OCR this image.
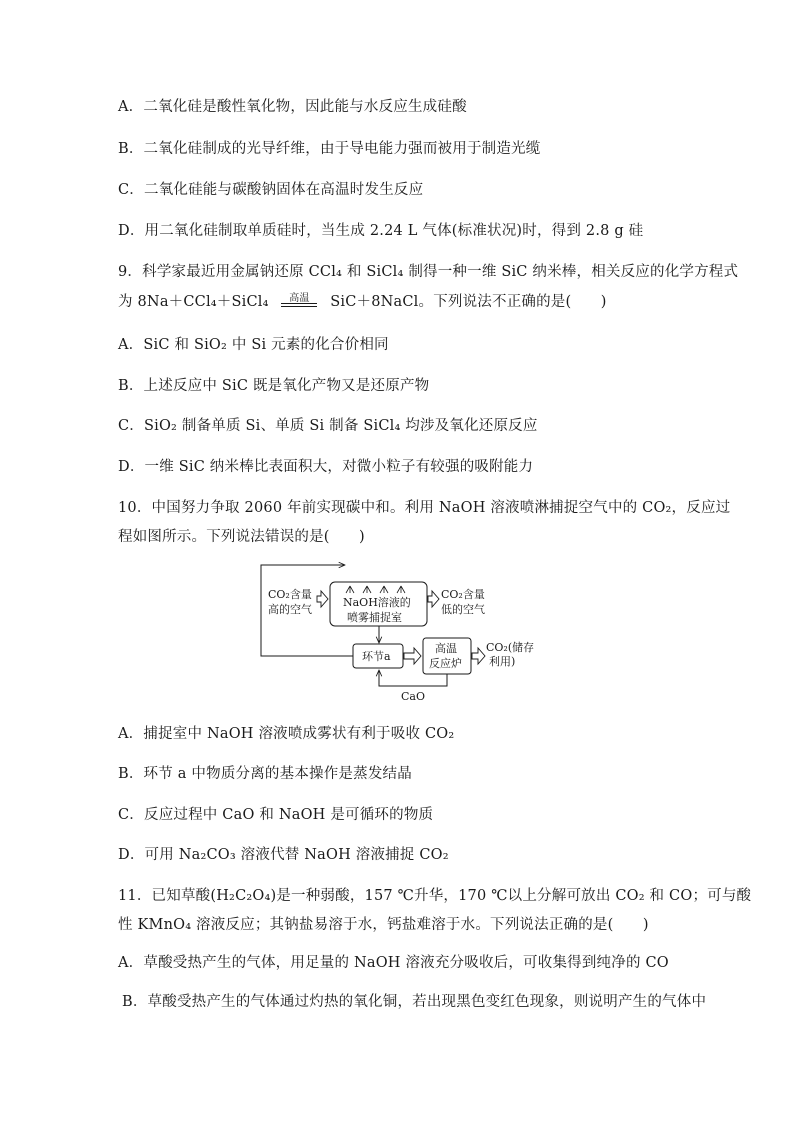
A．二氧化硅是酸性氧化物，因此能与水反应生成硅酸
B．二氧化硅制成的光导纤维，由于导电能力强而被用于制造光缆
C．二氧化硅能与碳酸钠固体在高温时发生反应
D．用二氧化硅制取单质硅时，当生成 2.24 L 气体(标准状况)时，得到 2.8 g 硅
9．科学家最近用金属钠还原 CCl₄ 和 SiCl₄ 制得一种一维 SiC 纳米棒，相关反应的化学方程式
为 8Na＋CCl₄＋SiCl₄	高温	SiC＋8NaCl。下列说法不正确的是(　　)
A．SiC 和 SiO₂ 中 Si 元素的化合价相同
B．上述反应中 SiC 既是氧化产物又是还原产物
C．SiO₂ 制备单质 Si、单质 Si 制备 SiCl₄ 均涉及氧化还原反应
D．一维 SiC 纳米棒比表面积大，对微小粒子有较强的吸附能力
10．中国努力争取 2060 年前实现碳中和。利用 NaOH 溶液喷淋捕捉空气中的 CO₂，反应过
程如图所示。下列说法错误的是(　　)
CO₂含量
高的空气
NaOH溶液的
喷雾捕捉室
CO₂含量
低的空气
环节a
高温
反应炉
CO₂(储存
利用)
CaO
A．捕捉室中 NaOH 溶液喷成雾状有利于吸收 CO₂
B．环节 a 中物质分离的基本操作是蒸发结晶
C．反应过程中 CaO 和 NaOH 是可循环的物质
D．可用 Na₂CO₃ 溶液代替 NaOH 溶液捕捉 CO₂
11．已知草酸(H₂C₂O₄)是一种弱酸，157 ℃升华，170 ℃以上分解可放出 CO₂ 和 CO；可与酸
性 KMnO₄ 溶液反应；其钠盐易溶于水，钙盐难溶于水。下列说法正确的是(　　)
A．草酸受热产生的气体，用足量的 NaOH 溶液充分吸收后，可收集得到纯净的 CO
B．草酸受热产生的气体通过灼热的氧化铜，若出现黑色变红色现象，则说明产生的气体中
